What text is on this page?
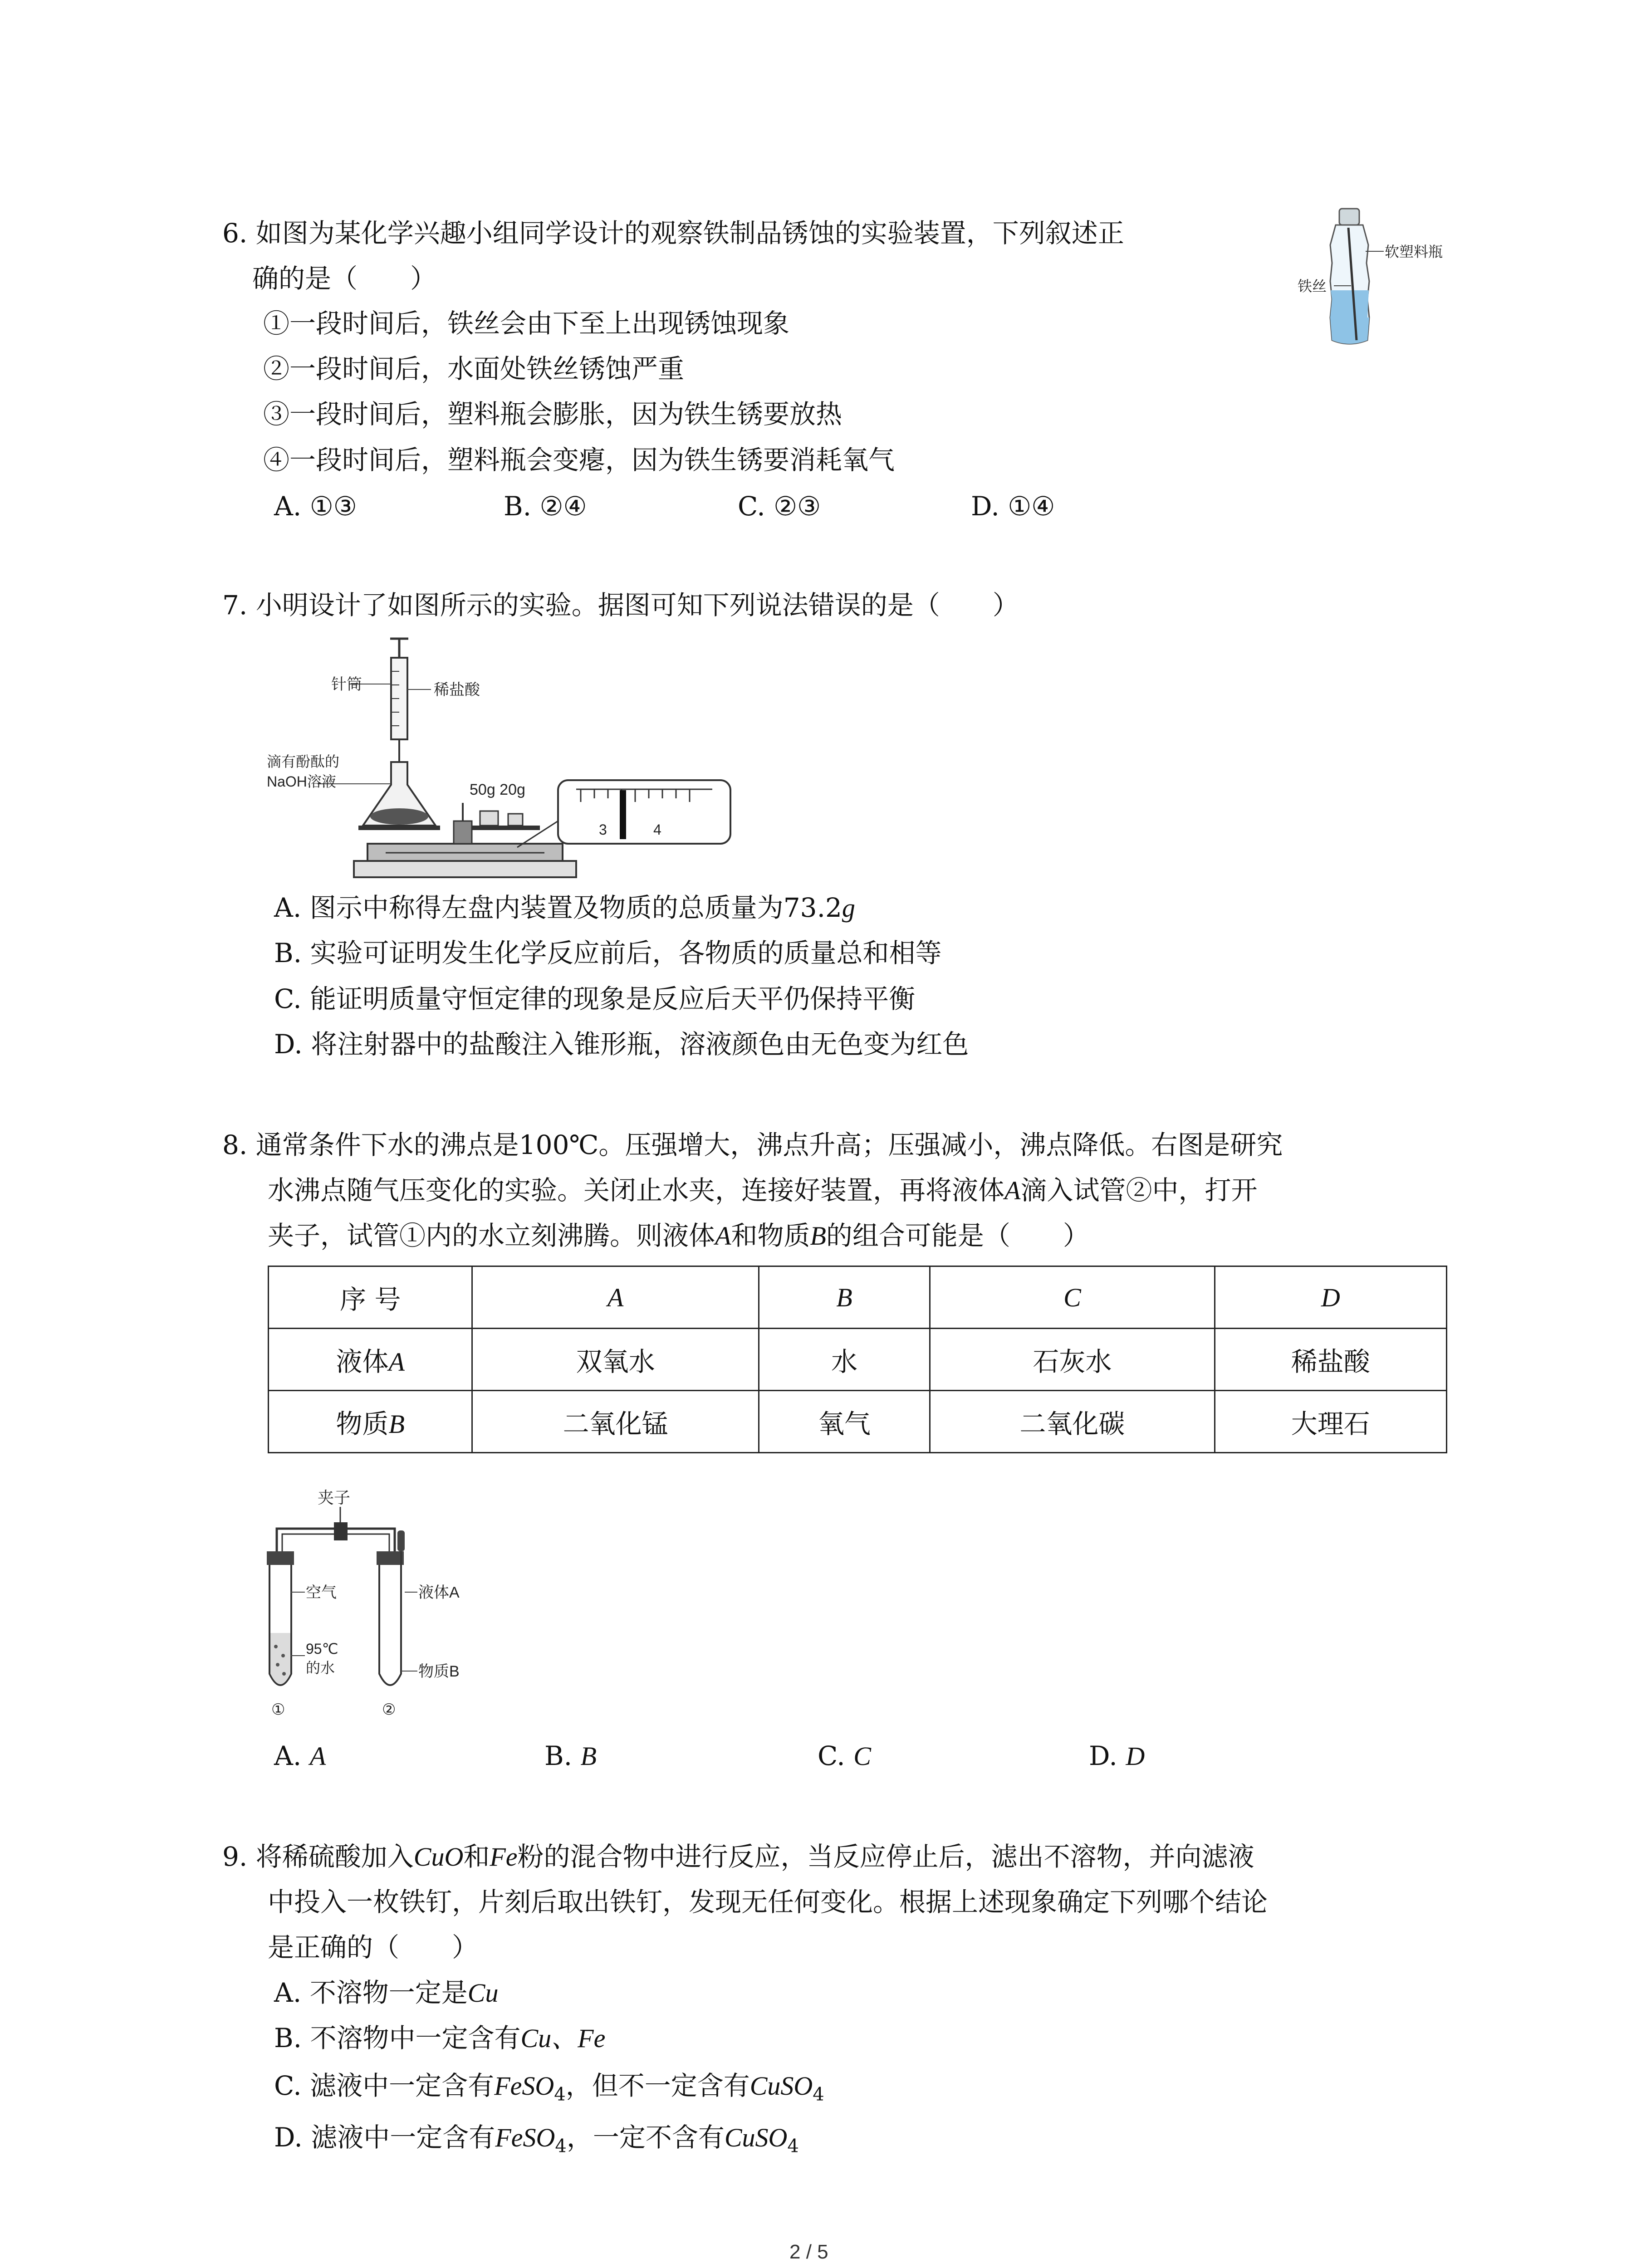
6. 如图为某化学兴趣小组同学设计的观察铁制品锈蚀的实验装置，下列叙述正
确的是（　　）
①一段时间后，铁丝会由下至上出现锈蚀现象
②一段时间后，水面处铁丝锈蚀严重
③一段时间后，塑料瓶会膨胀，因为铁生锈要放热
④一段时间后，塑料瓶会变瘪，因为铁生锈要消耗氧气
A. ①③	B. ②④	C. ②③	D. ①④
软塑料瓶
铁丝
7. 小明设计了如图所示的实验。据图可知下列说法错误的是（　　）
针筒	稀盐酸
滴有酚酞的
NaOH溶液	50g 20g
3	4
A. 图示中称得左盘内装置及物质的总质量为73.2g
B. 实验可证明发生化学反应前后，各物质的质量总和相等
C. 能证明质量守恒定律的现象是反应后天平仍保持平衡
D. 将注射器中的盐酸注入锥形瓶，溶液颜色由无色变为红色
8. 通常条件下水的沸点是100℃。压强增大，沸点升高；压强减小，沸点降低。右图是研究
水沸点随气压变化的实验。关闭止水夹，连接好装置，再将液体A滴入试管②中，打开
夹子，试管①内的水立刻沸腾。则液体A和物质B的组合可能是（　　）
序 号	A	B	C	D
液体A	双氧水	水	石灰水	稀盐酸
物质B	二氧化锰	氧气	二氧化碳	大理石
夹子
空气
95℃
的水
①
液体A
物质B
②
A. A	B. B	C. C	D. D
9. 将稀硫酸加入CuO和Fe粉的混合物中进行反应，当反应停止后，滤出不溶物，并向滤液
中投入一枚铁钉，片刻后取出铁钉，发现无任何变化。根据上述现象确定下列哪个结论
是正确的（　　）
A. 不溶物一定是Cu
B. 不溶物中一定含有Cu、Fe
C. 滤液中一定含有FeSO$_4$，但不一定含有CuSO$_4$
D. 滤液中一定含有FeSO$_4$，一定不含有CuSO$_4$
2 / 5
